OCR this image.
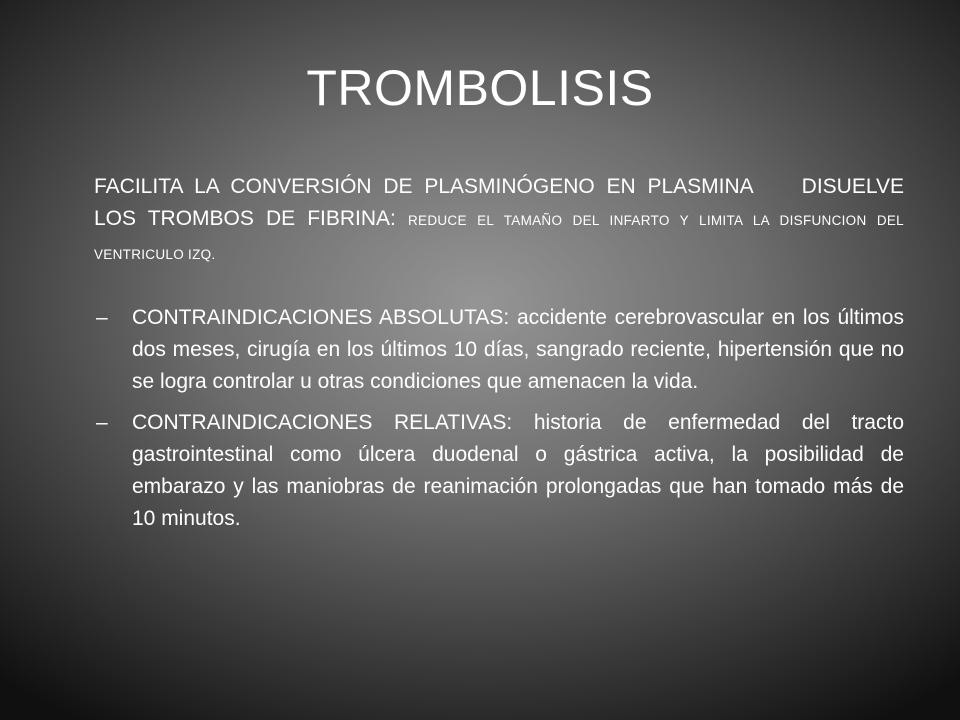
TROMBOLISIS

FACILITA LA CONVERSIÓN DE PLASMINÓGENO EN PLASMINA DISUELVE LOS TROMBOS DE FIBRINA: REDUCE EL TAMAÑO DEL INFARTO Y LIMITA LA DISFUNCION DEL VENTRICULO IZQ.

– CONTRAINDICACIONES ABSOLUTAS: accidente cerebrovascular en los últimos dos meses, cirugía en los últimos 10 días, sangrado reciente, hipertensión que no se logra controlar u otras condiciones que amenacen la vida.
– CONTRAINDICACIONES RELATIVAS: historia de enfermedad del tracto gastrointestinal como úlcera duodenal o gástrica activa, la posibilidad de embarazo y las maniobras de reanimación prolongadas que han tomado más de 10 minutos.
